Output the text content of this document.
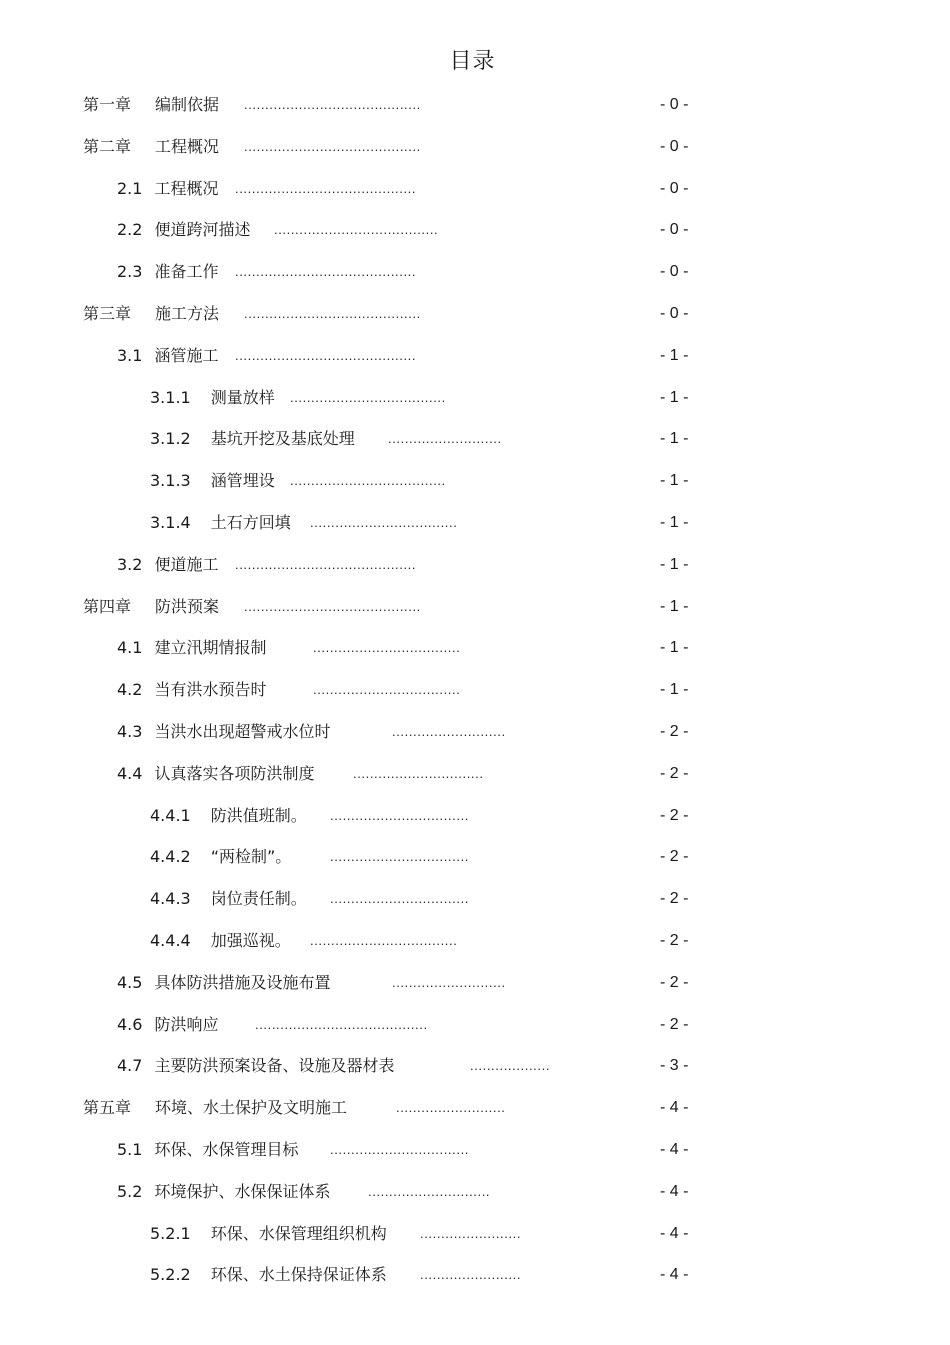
目录
第一章 编制依据 ..........................................	- 0 -
第二章 工程概况 ..........................................	- 0 -
2.1 工程概况 ...........................................	- 0 -
2.2 便道跨河描述 .......................................	- 0 -
2.3 准备工作 ...........................................	- 0 -
第三章 施工方法 ..........................................	- 0 -
3.1 涵管施工 ...........................................	- 1 -
3.1.1 测量放样 .....................................	- 1 -
3.1.2 基坑开挖及基底处理	...........................	- 1 -
3.1.3 涵管埋设 .....................................	- 1 -
3.1.4 土石方回填 ...................................	- 1 -
3.2 便道施工 ...........................................	- 1 -
第四章 防洪预案 ..........................................	- 1 -
4.1 建立汛期情报制	...................................	- 1 -
4.2 当有洪水预告时	...................................	- 1 -
4.3 当洪水出现超警戒水位时	...........................	- 2 -
4.4 认真落实各项防洪制度	...............................	- 2 -
4.4.1 防洪值班制。 .................................	- 2 -
4.4.2 “两检制”。	.................................	- 2 -
4.4.3 岗位责任制。 .................................	- 2 -
4.4.4 加强巡视。 ...................................	- 2 -
4.5 具体防洪措施及设施布置	...........................	- 2 -
4.6 防洪响应	.........................................	- 2 -
4.7 主要防洪预案设备、设施及器材表	...................	- 3 -
第五章 环境、水土保护及文明施工	..........................	- 4 -
5.1 环保、水保管理目标 .................................	- 4 -
5.2 环境保护、水保保证体系	.............................	- 4 -
5.2.1 环保、水保管理组织机构	........................	- 4 -
5.2.2 环保、水土保持保证体系	........................	- 4 -
